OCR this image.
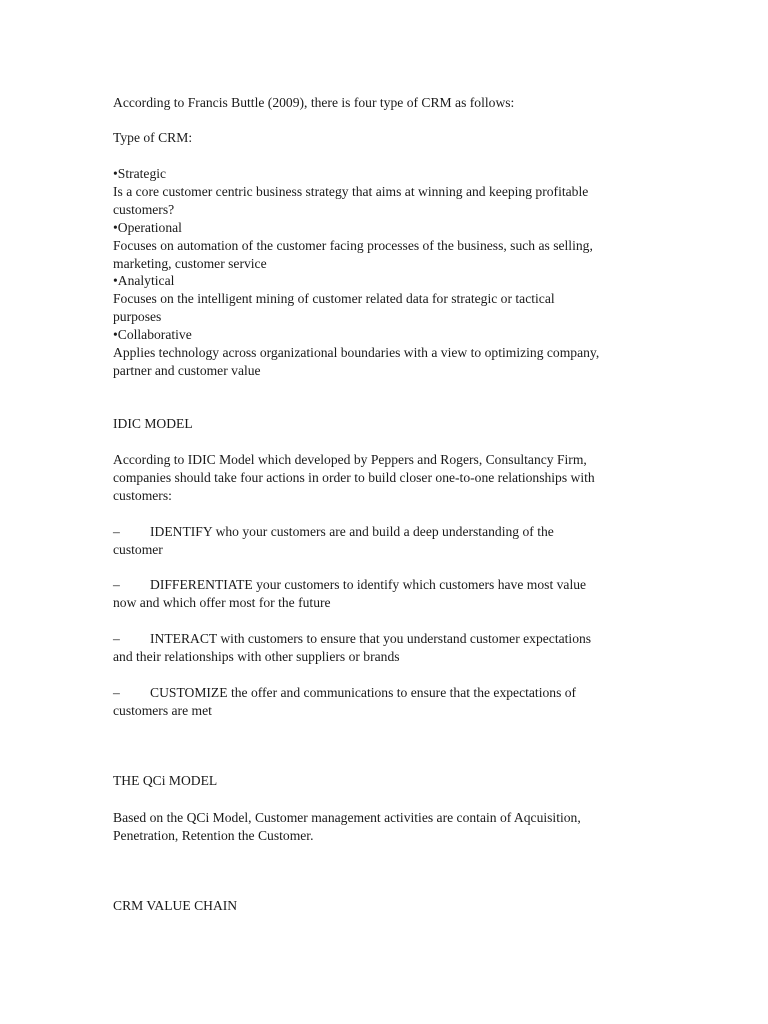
According to Francis Buttle (2009), there is four type of CRM as follows:

Type of CRM:

•Strategic

Is a core customer centric business strategy that aims at winning and keeping profitable

customers?

•Operational

Focuses on automation of the customer facing processes of the business, such as selling,

marketing, customer service

•Analytical

Focuses on the intelligent mining of customer related data for strategic or tactical

purposes

•Collaborative

Applies technology across organizational boundaries with a view to optimizing company,

partner and customer value

IDIC MODEL

According to IDIC Model which developed by Peppers and Rogers, Consultancy Firm,

companies should take four actions in order to build closer one-to-one relationships with

customers:

– IDENTIFY who your customers are and build a deep understanding of the
customer
– DIFFERENTIATE your customers to identify which customers have most value
now and which offer most for the future
– INTERACT with customers to ensure that you understand customer expectations
and their relationships with other suppliers or brands
– CUSTOMIZE the offer and communications to ensure that the expectations of
customers are met

THE QCi MODEL

Based on the QCi Model, Customer management activities are contain of Aqcuisition,

Penetration, Retention the Customer.

CRM VALUE CHAIN
